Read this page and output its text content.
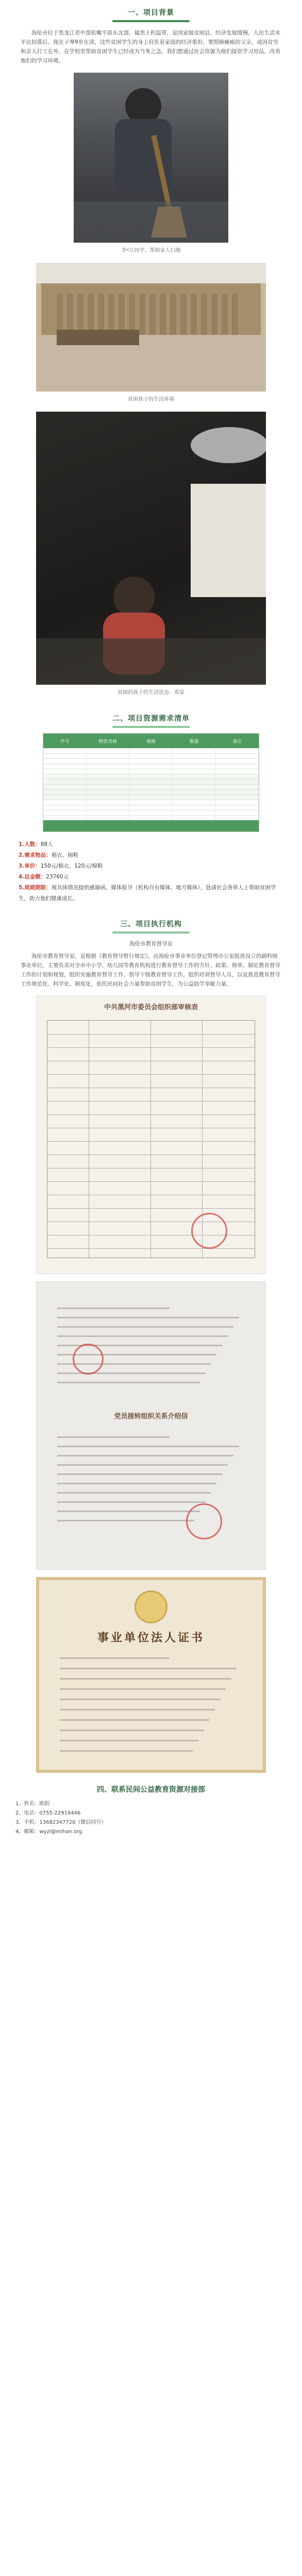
一、项目背景

海伦市位于黑龙江省中部松嫩平原东北部，属黑土积温带，是国家级贫困县，经济发展缓慢，人民生活水平比较落后。现在子琴9岁在读，这些贫困学生的身上肩负着家庭的经济重担，要照顾瘫痪的父亲，或因贫穷和亲人打工在外，在学校里帮助贫困学生已经成为当务之急。我们想通过社会资源为他们提供学习用品，改善他们的学习环境。

李*江同学，帮助家人扫地
贫困孩子的生活环境
贫困的孩子的生活状态：看家
二、项目资源需求清单
序号	物资名称	规格	数量	备注
1.人数：88人
2.需求物品：棉衣、棉鞋
3.单价：150元/棉衣，120元/棉鞋
4.总金额：23760元
5.周期期限：视具体情况提供感谢函、媒体报导（机构自有媒体，地方媒体），恳请社会各界人士帮助贫困学生，助力他们健康成长。
三、项目执行机构
海伦市教育督导室

海伦市教育督导室，是根据《教育督导暂行规定》，由海伦市事业单位登记管理办公室批准设立的副科级事业单位，主要负责对全市中小学、幼儿园等教育机构进行教育督导工作的方针、政策、规章，制定教育督导工作的计划和规划，组织实施教育督导工作，指导下级教育督导工作，组织培训督导人员，以及推进教育督导工作规范化、科学化、制度化，依托民间社会力量帮助贫困学生，为公益助学奉献力量。

中共黑河市委员会组织部审核表
党员接转组织关系介绍信
事业单位法人证书
四、联系民间公益教育资源对接部
1、姓名：欧阳
2、电话：0755-22919446
3、手机：13682347720（微信同号）
4、邮箱：wyzl@mihan.org
